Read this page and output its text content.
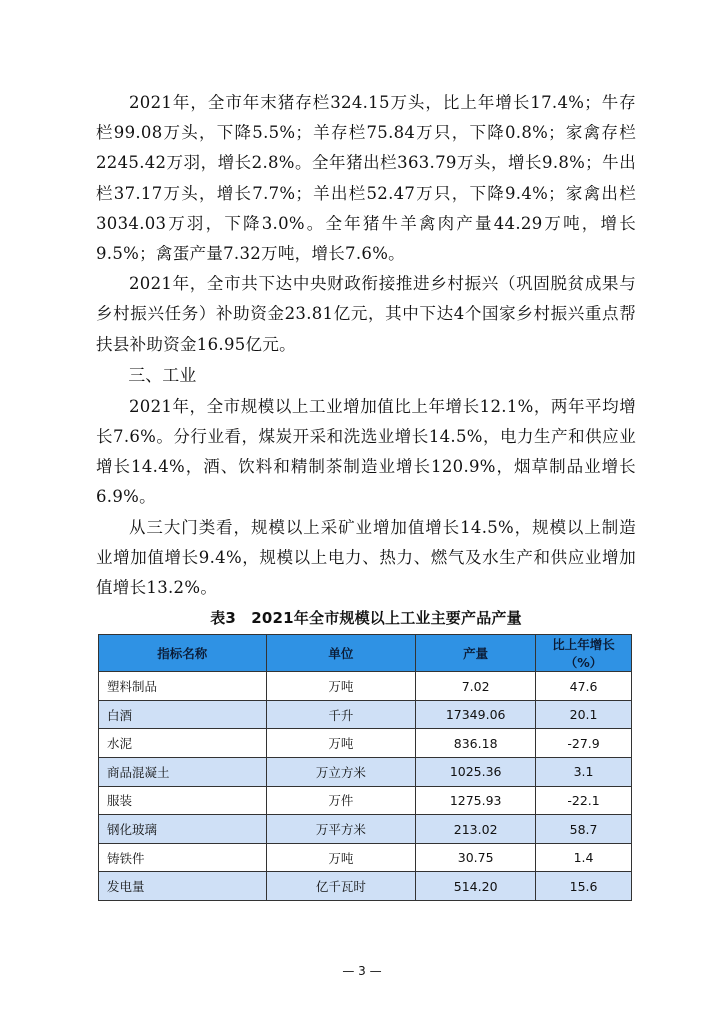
2021年，全市年末猪存栏324.15万头，比上年增长17.4%；牛存栏99.08万头，下降5.5%；羊存栏75.84万只，下降0.8%；家禽存栏2245.42万羽，增长2.8%。全年猪出栏363.79万头，增长9.8%；牛出栏37.17万头，增长7.7%；羊出栏52.47万只，下降9.4%；家禽出栏3034.03万羽，下降3.0%。全年猪牛羊禽肉产量44.29万吨，增长9.5%；禽蛋产量7.32万吨，增长7.6%。

2021年，全市共下达中央财政衔接推进乡村振兴（巩固脱贫成果与乡村振兴任务）补助资金23.81亿元，其中下达4个国家乡村振兴重点帮扶县补助资金16.95亿元。

三、工业

2021年，全市规模以上工业增加值比上年增长12.1%，两年平均增长7.6%。分行业看，煤炭开采和洗选业增长14.5%，电力生产和供应业增长14.4%，酒、饮料和精制茶制造业增长120.9%，烟草制品业增长6.9%。

从三大门类看，规模以上采矿业增加值增长14.5%，规模以上制造业增加值增长9.4%，规模以上电力、热力、燃气及水生产和供应业增加值增长13.2%。

表3　2021年全市规模以上工业主要产品产量
指标名称	单位	产量	比上年增长（%）
塑料制品	万吨	7.02	47.6
白酒	千升	17349.06	20.1
水泥	万吨	836.18	-27.9
商品混凝土	万立方米	1025.36	3.1
服装	万件	1275.93	-22.1
钢化玻璃	万平方米	213.02	58.7
铸铁件	万吨	30.75	1.4
发电量	亿千瓦时	514.20	15.6
— 3 —
